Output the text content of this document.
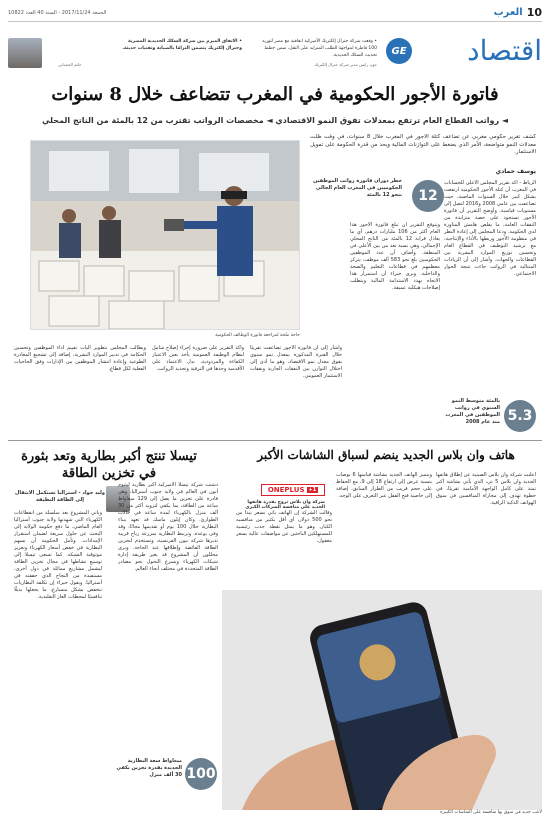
10
العرب
الجمعة 2017/11/24 - السنة 40 العدد 10822
اقتصاد
GE
• وقعت شركة جنرال إلكتريك الأميركية اتفاقية مع مصر لتوريد 100 قاطرة لمواجهة الطلب المتزايد على النقل، ضمن خطط تحديث السكك الحديدية.
جون رايس مدير شركة جنرال إلكتريك
• الاتفاق المبرم بين شركة السكك الحديدية المصرية وجنرال إلكتريك يتضمن التزامًا بالصيانة وتقنيات حديثة.
حاتم الحمداني
فاتورة الأجور الحكومية في المغرب تتضاعف خلال 8 سنوات
◄ رواتب القطاع العام ترتفع بمعدلات تفوق النمو الاقتصادي ◄ مخصصات الرواتب تقترب من 12 بالمئة من الناتج المحلي
كشف تقرير حكومي مغربي عن تضاعف كتلة الأجور في المغرب خلال 8 سنوات، في وقت ظلت معدلات النمو متواضعة، الأمر الذي يضغط على التوازنات المالية ويحد من قدرة الحكومة على تمويل الاستثمار.
يوسف حمادي
حاجة ملحة لمراجعة فاتورة الوظائف الحكومية
خطر دوران فاتورة رواتب الموظفين الحكوميين في المغرب العام الحالي بنحو 12 بالمئة	12
الرباط - أكد تقرير المجلس الأعلى للحسابات في المغرب أن كتلة الأجور الحكومية ارتفعت بشكل كبير خلال السنوات الماضية، حيث تضاعفت بين عامي 2008 و2016 لتصل إلى مستويات قياسية. وأوضح التقرير أن فاتورة الأجور تستحوذ على حصة متزايدة من النفقات العامة، ما يقلص هامش المناورة لدى الحكومة. ودعا المجلس إلى إعادة النظر في منظومة الأجور وربطها بالأداء والإنتاجية، مع ترشيد التوظيف في القطاع العام وتحسين توزيع الموارد البشرية بين القطاعات والجهات. وأشار إلى أن الزيادات المتتالية في الرواتب جاءت نتيجة الحوار الاجتماعي.
ويتوقع التقرير أن تبلغ فاتورة الأجور هذا العام أكثر من 106 مليارات درهم، أي ما يعادل قرابة 12 بالمئة من الناتج المحلي الإجمالي، وهي نسبة تعد من بين الأعلى في المنطقة. وأضاف أن عدد الموظفين الحكوميين بلغ نحو 583 ألف موظف، يتركز معظمهم في قطاعات التعليم والصحة والداخلية. ويرى خبراء أن استمرار هذا الاتجاه يهدد الاستدامة المالية ويتطلب إصلاحات هيكلية عميقة.
وأشار إلى أن فاتورة الأجور تضاعفت تقريبًا خلال الفترة المذكورة بمعدل نمو سنوي يفوق معدل نمو الاقتصاد، وهو ما أدى إلى اختلال التوازن بين النفقات الجارية ونفقات الاستثمار العمومي.
وأكد التقرير على ضرورة إجراء إصلاح شامل لنظام الوظيفة العمومية يأخذ بعين الاعتبار الكفاءة والمردودية، بدل الاعتماد على الأقدمية وحدها في الترقية وتحديد الرواتب.
ويطالب المجلس بتطوير آليات تقييم أداء الموظفين وتحسين الحكامة في تدبير الموارد البشرية، إضافة إلى تشجيع المغادرة الطوعية وإعادة انتشار الموظفين بين الإدارات وفق الحاجيات الفعلية لكل قطاع.
5.3
بالمئة متوسط النمو السنوي في رواتب الموظفين في المغرب منذ عام 2008
هاتف وان بلاس الجديد ينضم لسباق الشاشات الأكبر
أعلنت شركة وان بلاس الصينية عن إطلاق هاتفها الجديد وان بلاس 5 تي، الذي يأتي بشاشة أكبر تمتد على كامل الواجهة الأمامية تقريبًا، في خطوة تهدف إلى مجاراة المنافسين في سوق الهواتف الذكية الراقية.
ويتميز الهاتف الجديد بشاشة قياسها 6 بوصات بنسبة عرض إلى ارتفاع 18 إلى 9، مع الحفاظ على حجم قريب من الطراز السابق، إضافة إلى خاصية فتح القفل عبر التعرف على الوجه.
وقالت الشركة إن الهاتف يأتي بسعر يبدأ من نحو 500 دولار، أي أقل بكثير من منافسيه الكبار، وهو ما يمثل نقطة جذب رئيسية للمستهلكين الباحثين عن مواصفات عالية بسعر معقول.
1+
ONEPLUS
شركة وان بلاس تروج بقدرة هاتفها الجديد على منافسة الشركات الكبرى
لاعب جديد في سوق بها منافسة على الشاشات الكبيرة
تيسلا تنتج أكبر بطارية وتعد بثورة في تخزين الطاقة
وليد جواد - استراليا تستكمل الانتقال إلى الطاقة النظيفة
دشنت شركة تيسلا الأميركية أكبر بطارية ليثيوم أيون في العالم في ولاية جنوب أستراليا، وهي قادرة على تخزين ما يصل إلى 129 ميغاواط ساعة من الطاقة، بما يكفي لتزويد أكثر من 30 ألف منزل بالكهرباء لمدة ساعة في حالات الطوارئ. وكان إيلون ماسك قد تعهد ببناء البطارية خلال 100 يوم أو تقديمها مجانًا، وقد وفى بوعده. وترتبط البطارية بمزرعة رياح قريبة تديرها شركة نيون الفرنسية، وتستخدم لتخزين الطاقة الفائضة وإطلاقها عند الحاجة. ويرى محللون أن المشروع قد يغير طريقة إدارة شبكات الكهرباء ويسرع التحول نحو مصادر الطاقة المتجددة في مختلف أنحاء العالم.
ويأتي المشروع بعد سلسلة من انقطاعات الكهرباء التي شهدتها ولاية جنوب أستراليا العام الماضي، ما دفع حكومة الولاية إلى البحث عن حلول سريعة لضمان استقرار الإمدادات. وتأمل الحكومة أن تسهم البطارية في خفض أسعار الكهرباء وتعزيز موثوقية الشبكة. كما تسعى تيسلا إلى توسيع نشاطها في مجال تخزين الطاقة ليشمل مشاريع مماثلة في دول أخرى، مستفيدة من النجاح الذي حققته في أستراليا. ويقول خبراء إن تكلفة البطاريات تنخفض بشكل متسارع، ما يجعلها بديلًا تنافسيًا لمحطات الغاز التقليدية.
100
ميغاواط سعة البطارية الجديدة بقدرة تخزين تكفي 30 ألف منزل
